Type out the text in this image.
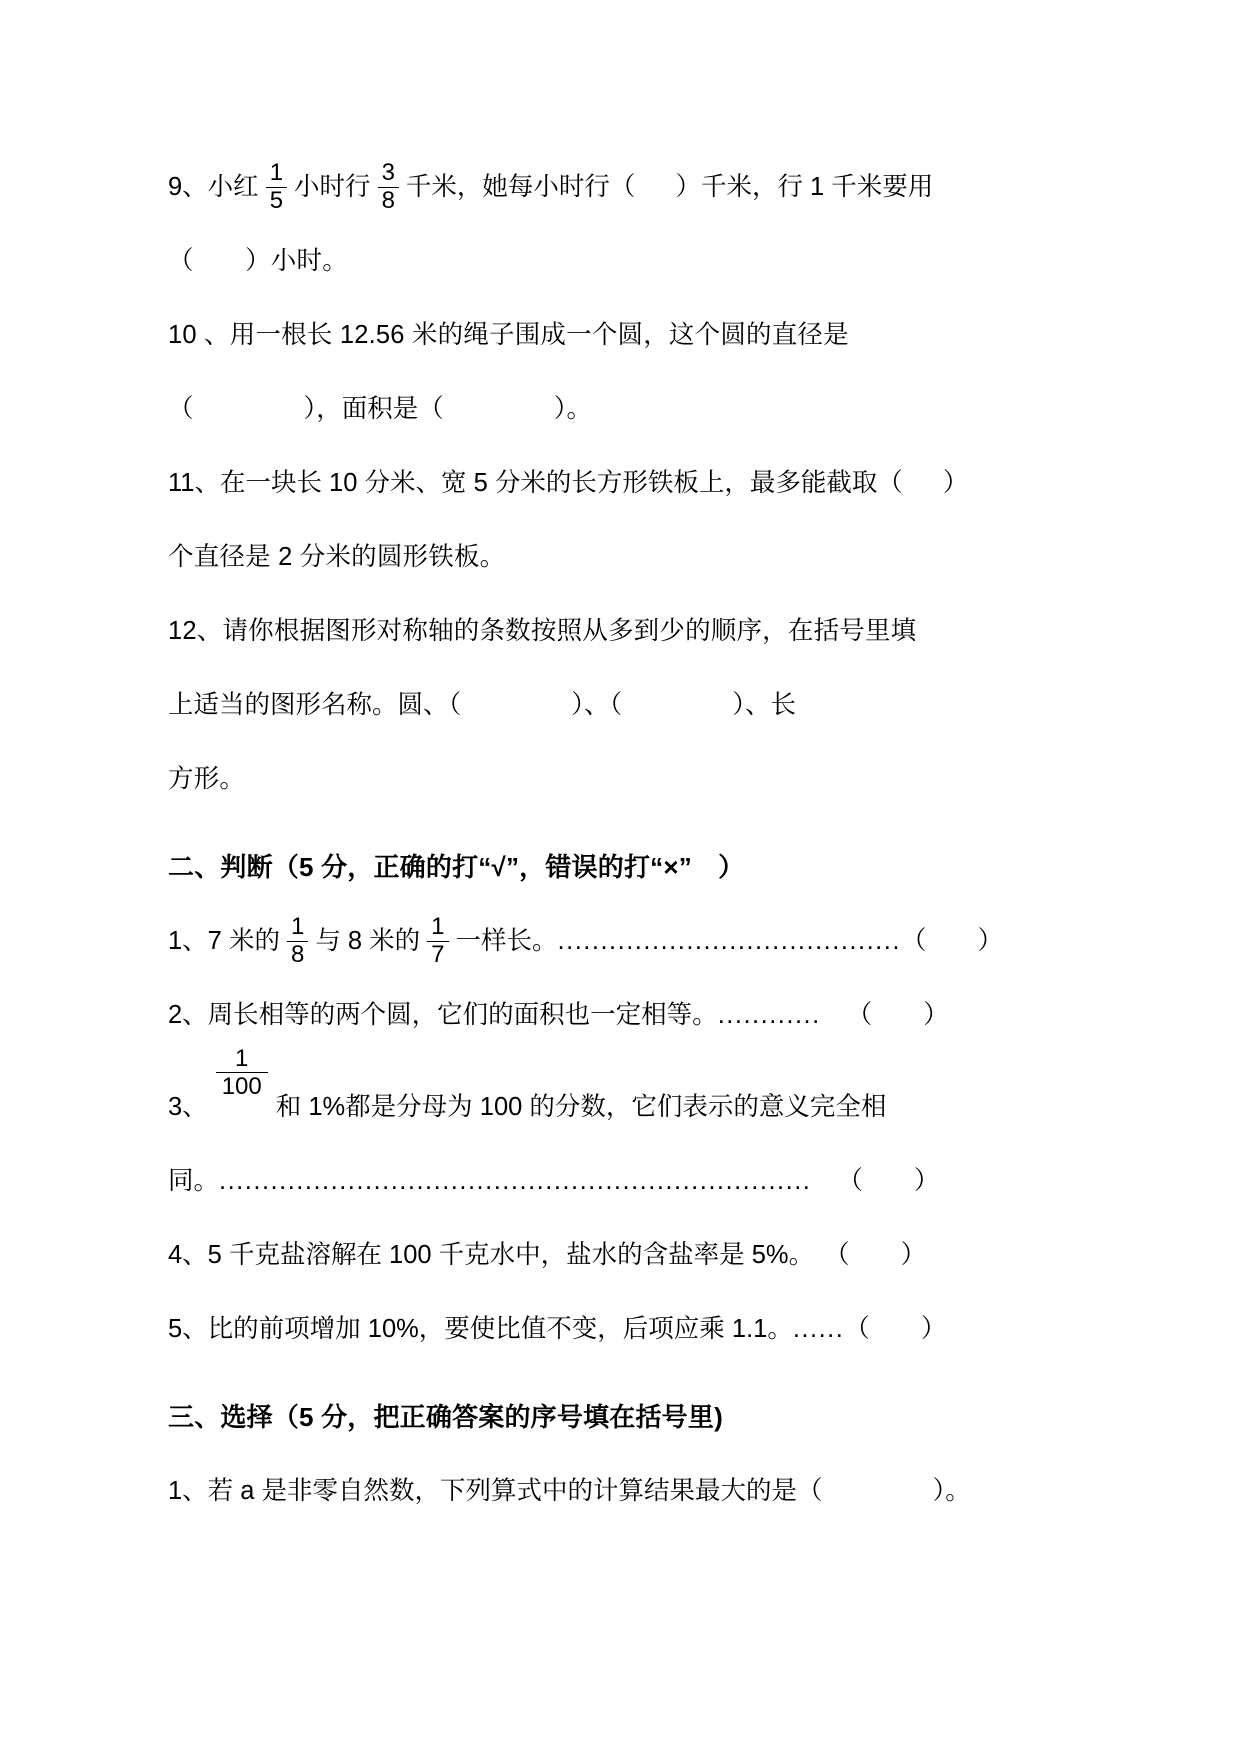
9、小红 $\frac{1}{5}$ 小时行 $\frac{3}{8}$ 千米，她每小时行（ ）千米，行 1 千米要用
（　　）小时。
10 、用一根长 12.56 米的绳子围成一个圆，这个圆的直径是
（	），面积是（	）。
11、在一块长 10 分米、宽 5 分米的长方形铁板上，最多能截取（ ）
个直径是 2 分米的圆形铁板。
12、请你根据图形对称轴的条数按照从多到少的顺序，在括号里填
上适当的图形名称。圆、（	）、（	）、长
方形。
二、判断（5 分，正确的打“√”，错误的打“×”　）
1、7 米的 $\frac{1}{8}$ 与 8 米的 $\frac{1}{7}$ 一样长。 ........................................ （　　）
2、周长相等的两个圆，它们的面积也一定相等。 ............ （　　）
3、
$\frac{1}{100}$
和 1%都是分母为 100 的分数，它们表示的意义完全相
同。 ..................................................................... （　　）
4、5 千克盐溶解在 100 千克水中，盐水的含盐率是 5%。 （　　）
5、比的前项增加 10%，要使比值不变，后项应乘 1.1。 ...... （　　）
三、选择（5 分，把正确答案的序号填在括号里)
1、若 a 是非零自然数，下列算式中的计算结果最大的是（	）。
